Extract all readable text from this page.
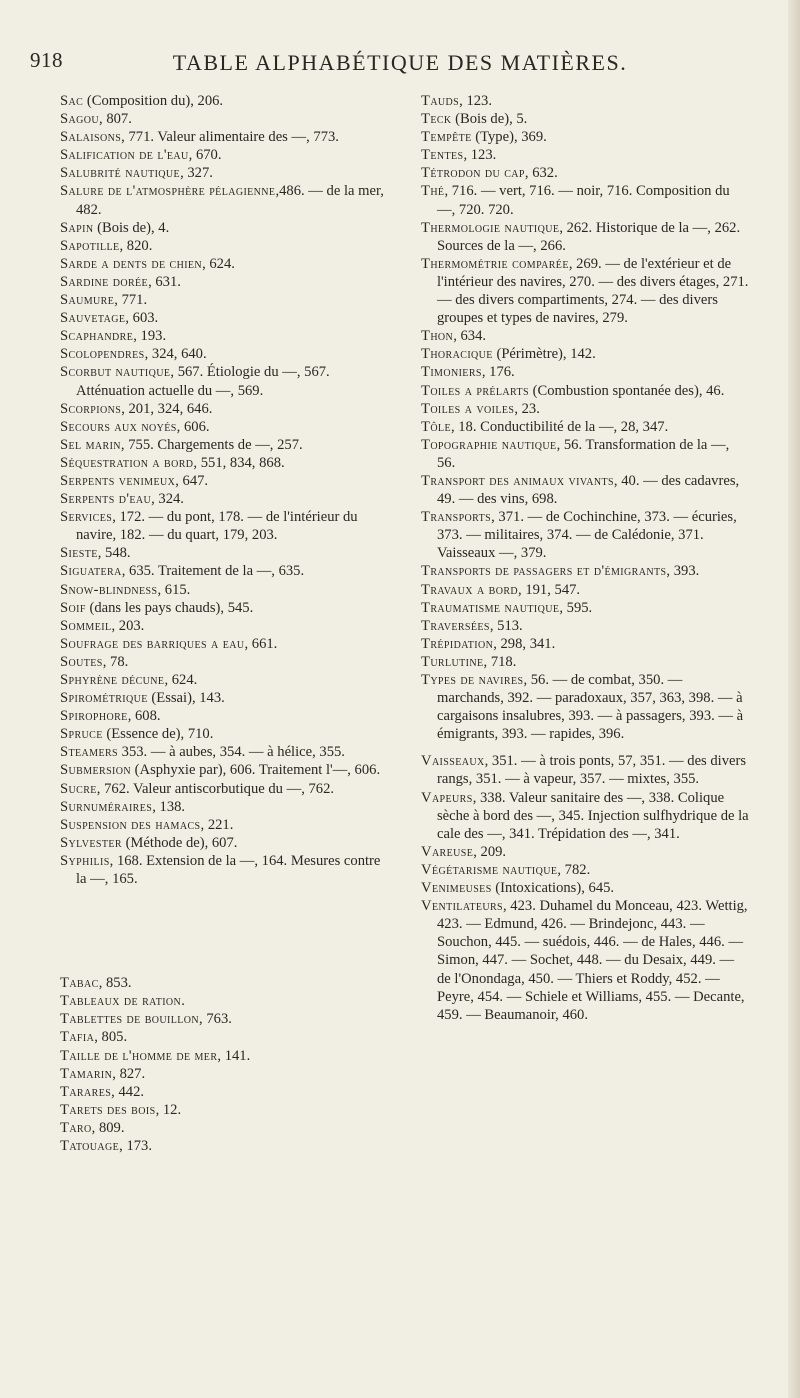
918	TABLE ALPHABÉTIQUE DES MATIÈRES.

Sac (Composition du), 206.

Sagou, 807.

Salaisons, 771. Valeur alimentaire des —, 773.

Salification de l'eau, 670.

Salubrité nautique, 327.

Salure de l'atmosphère pélagienne,486. — de la mer, 482.

Sapin (Bois de), 4.

Sapotille, 820.

Sarde a dents de chien, 624.

Sardine dorée, 631.

Saumure, 771.

Sauvetage, 603.

Scaphandre, 193.

Scolopendres, 324, 640.

Scorbut nautique, 567. Étiologie du —, 567. Atténuation actuelle du —, 569.

Scorpions, 201, 324, 646.

Secours aux noyés, 606.

Sel marin, 755. Chargements de —, 257.

Séquestration a bord, 551, 834, 868.

Serpents venimeux, 647.

Serpents d'eau, 324.

Services, 172. — du pont, 178. — de l'intérieur du navire, 182. — du quart, 179, 203.

Sieste, 548.

Siguatera, 635. Traitement de la —, 635.

Snow-blindness, 615.

Soif (dans les pays chauds), 545.

Sommeil, 203.

Soufrage des barriques a eau, 661.

Soutes, 78.

Sphyrène décune, 624.

Spirométrique (Essai), 143.

Spirophore, 608.

Spruce (Essence de), 710.

Steamers 353. — à aubes, 354. — à hélice, 355.

Submersion (Asphyxie par), 606. Traitement l'—, 606.

Sucre, 762. Valeur antiscorbutique du —, 762.

Surnuméraires, 138.

Suspension des hamacs, 221.

Sylvester (Méthode de), 607.

Syphilis, 168. Extension de la —, 164. Mesures contre la —, 165.

Tabac, 853.

Tableaux de ration.

Tablettes de bouillon, 763.

Tafia, 805.

Taille de l'homme de mer, 141.

Tamarin, 827.

Tarares, 442.

Tarets des bois, 12.

Taro, 809.

Tatouage, 173.

Tauds, 123.

Teck (Bois de), 5.

Tempête (Type), 369.

Tentes, 123.

Tétrodon du cap, 632.

Thé, 716. — vert, 716. — noir, 716. Composition du —, 720. 720.

Thermologie nautique, 262. Historique de la —, 262. Sources de la —, 266.

Thermométrie comparée, 269. — de l'extérieur et de l'intérieur des navires, 270. — des divers étages, 271. — des divers compartiments, 274. — des divers groupes et types de navires, 279.

Thon, 634.

Thoracique (Périmètre), 142.

Timoniers, 176.

Toiles a prélarts (Combustion spontanée des), 46.

Toiles a voiles, 23.

Tôle, 18. Conductibilité de la —, 28, 347.

Topographie nautique, 56. Transformation de la —, 56.

Transport des animaux vivants, 40. — des cadavres, 49. — des vins, 698.

Transports, 371. — de Cochinchine, 373. — écuries, 373. — militaires, 374. — de Calédonie, 371. Vaisseaux —, 379.

Transports de passagers et d'émigrants, 393.

Travaux a bord, 191, 547.

Traumatisme nautique, 595.

Traversées, 513.

Trépidation, 298, 341.

Turlutine, 718.

Types de navires, 56. — de combat, 350. — marchands, 392. — paradoxaux, 357, 363, 398. — à cargaisons insalubres, 393. — à passagers, 393. — à émigrants, 393. — rapides, 396.

Vaisseaux, 351. — à trois ponts, 57, 351. — des divers rangs, 351. — à vapeur, 357. — mixtes, 355.

Vapeurs, 338. Valeur sanitaire des —, 338. Colique sèche à bord des —, 345. Injection sulfhydrique de la cale des —, 341. Trépidation des —, 341.

Vareuse, 209.

Végétarisme nautique, 782.

Venimeuses (Intoxications), 645.

Ventilateurs, 423. Duhamel du Monceau, 423. Wettig, 423. — Edmund, 426. — Brindejonc, 443. — Souchon, 445. — suédois, 446. — de Hales, 446. — Simon, 447. — Sochet, 448. — du Desaix, 449. — de l'Onondaga, 450. — Thiers et Roddy, 452. — Peyre, 454. — Schiele et Williams, 455. — Decante, 459. — Beaumanoir, 460.
